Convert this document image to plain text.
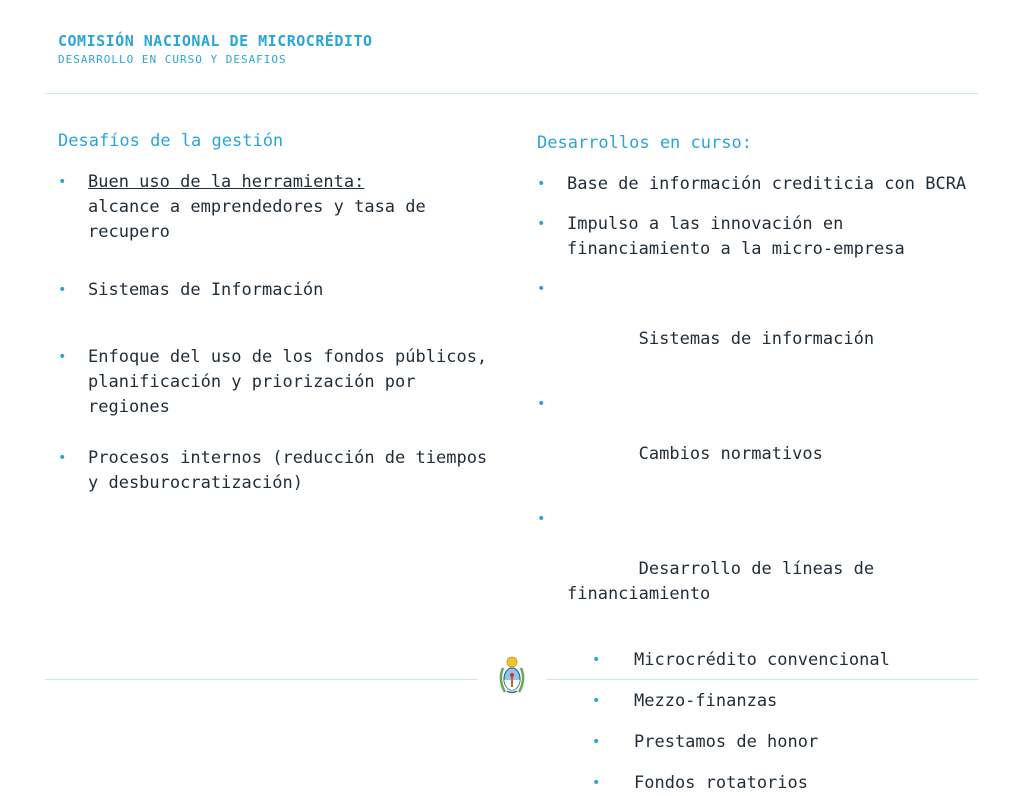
COMISIÓN NACIONAL DE MICROCRÉDITO
DESARROLLO EN CURSO Y DESAFIOS
Desafíos de la gestión
• Buen uso de la herramienta:
alcance a emprendedores y tasa de recupero
• Sistemas de Información
• Enfoque del uso de los fondos públicos, planificación y priorización por regiones
• Procesos internos (reducción de tiempos y desburocratización)
Desarrollos en curso:
• Base de información crediticia con BCRA
• Impulso a las innovación en financiamiento a la micro-empresa

•

Sistemas de información

•

Cambios normativos

•

Desarrollo de líneas de financiamiento

• Microcrédito convencional
• Mezzo-finanzas
• Prestamos de honor
• Fondos rotatorios
